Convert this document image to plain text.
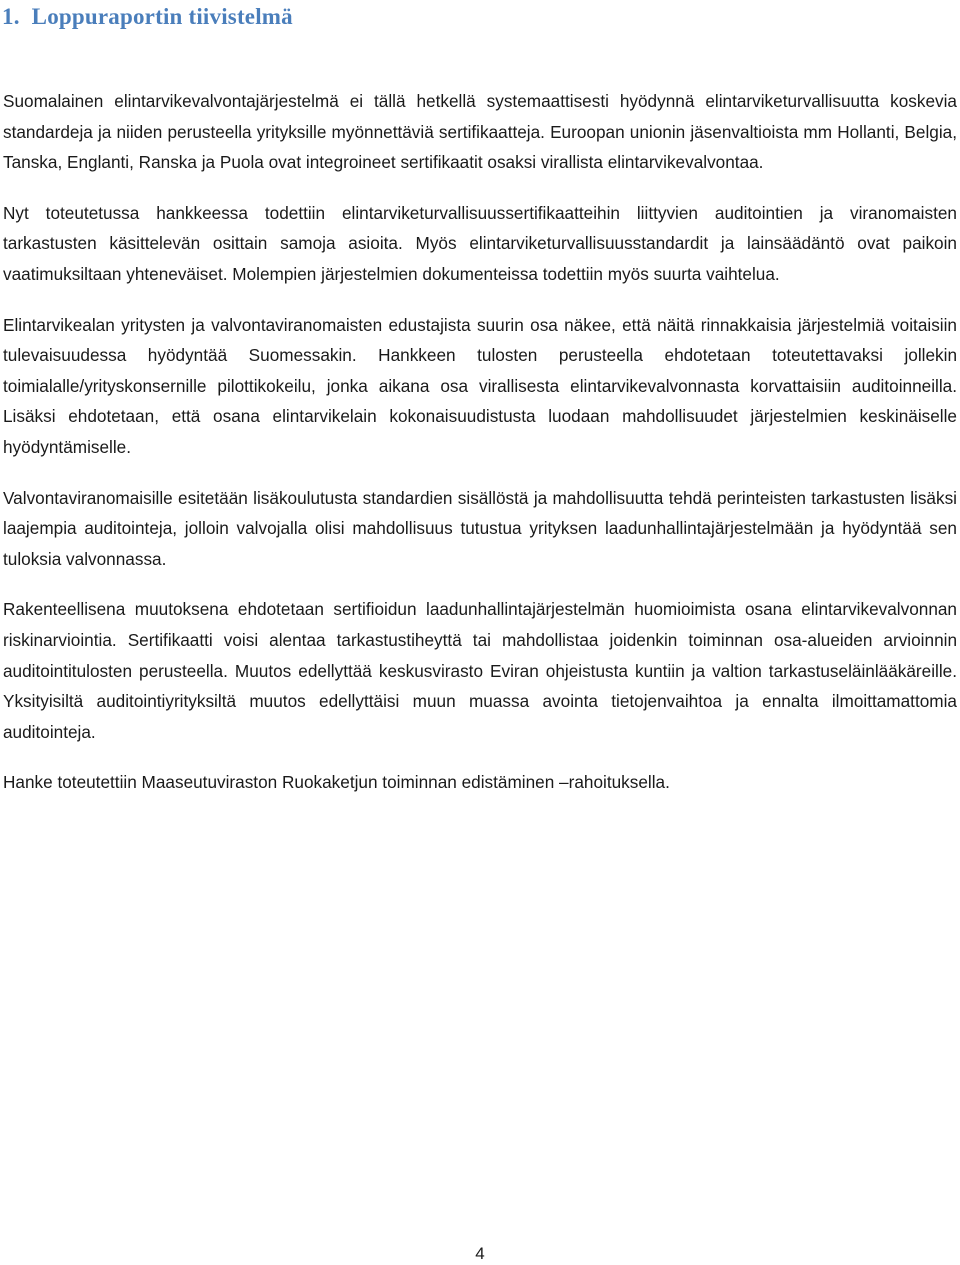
1. Loppuraportin tiivistelmä

Suomalainen elintarvikevalvontajärjestelmä ei tällä hetkellä systemaattisesti hyödynnä elintarviketurvallisuutta koskevia standardeja ja niiden perusteella yrityksille myönnettäviä sertifikaatteja. Euroopan unionin jäsenvaltioista mm Hollanti, Belgia, Tanska, Englanti, Ranska ja Puola ovat integroineet sertifikaatit osaksi virallista elintarvikevalvontaa.

Nyt toteutetussa hankkeessa todettiin elintarviketurvallisuussertifikaatteihin liittyvien auditointien ja viranomaisten tarkastusten käsittelevän osittain samoja asioita. Myös elintarviketurvallisuusstandardit ja lainsäädäntö ovat paikoin vaatimuksiltaan yhteneväiset. Molempien järjestelmien dokumenteissa todettiin myös suurta vaihtelua.

Elintarvikealan yritysten ja valvontaviranomaisten edustajista suurin osa näkee, että näitä rinnakkaisia järjestelmiä voitaisiin tulevaisuudessa hyödyntää Suomessakin. Hankkeen tulosten perusteella ehdotetaan toteutettavaksi jollekin toimialalle/yrityskonsernille pilottikokeilu, jonka aikana osa virallisesta elintarvikevalvonnasta korvattaisiin auditoinneilla. Lisäksi ehdotetaan, että osana elintarvikelain kokonaisuudistusta luodaan mahdollisuudet järjestelmien keskinäiselle hyödyntämiselle.

Valvontaviranomaisille esitetään lisäkoulutusta standardien sisällöstä ja mahdollisuutta tehdä perinteisten tarkastusten lisäksi laajempia auditointeja, jolloin valvojalla olisi mahdollisuus tutustua yrityksen laadunhallintajärjestelmään ja hyödyntää sen tuloksia valvonnassa.

Rakenteellisena muutoksena ehdotetaan sertifioidun laadunhallintajärjestelmän huomioimista osana elintarvikevalvonnan riskinarviointia. Sertifikaatti voisi alentaa tarkastustiheyttä tai mahdollistaa joidenkin toiminnan osa-alueiden arvioinnin auditointitulosten perusteella. Muutos edellyttää keskusvirasto Eviran ohjeistusta kuntiin ja valtion tarkastuseläinlääkäreille. Yksityisiltä auditointiyrityksiltä muutos edellyttäisi muun muassa avointa tietojenvaihtoa ja ennalta ilmoittamattomia auditointeja.

Hanke toteutettiin Maaseutuviraston Ruokaketjun toiminnan edistäminen –rahoituksella.

4
